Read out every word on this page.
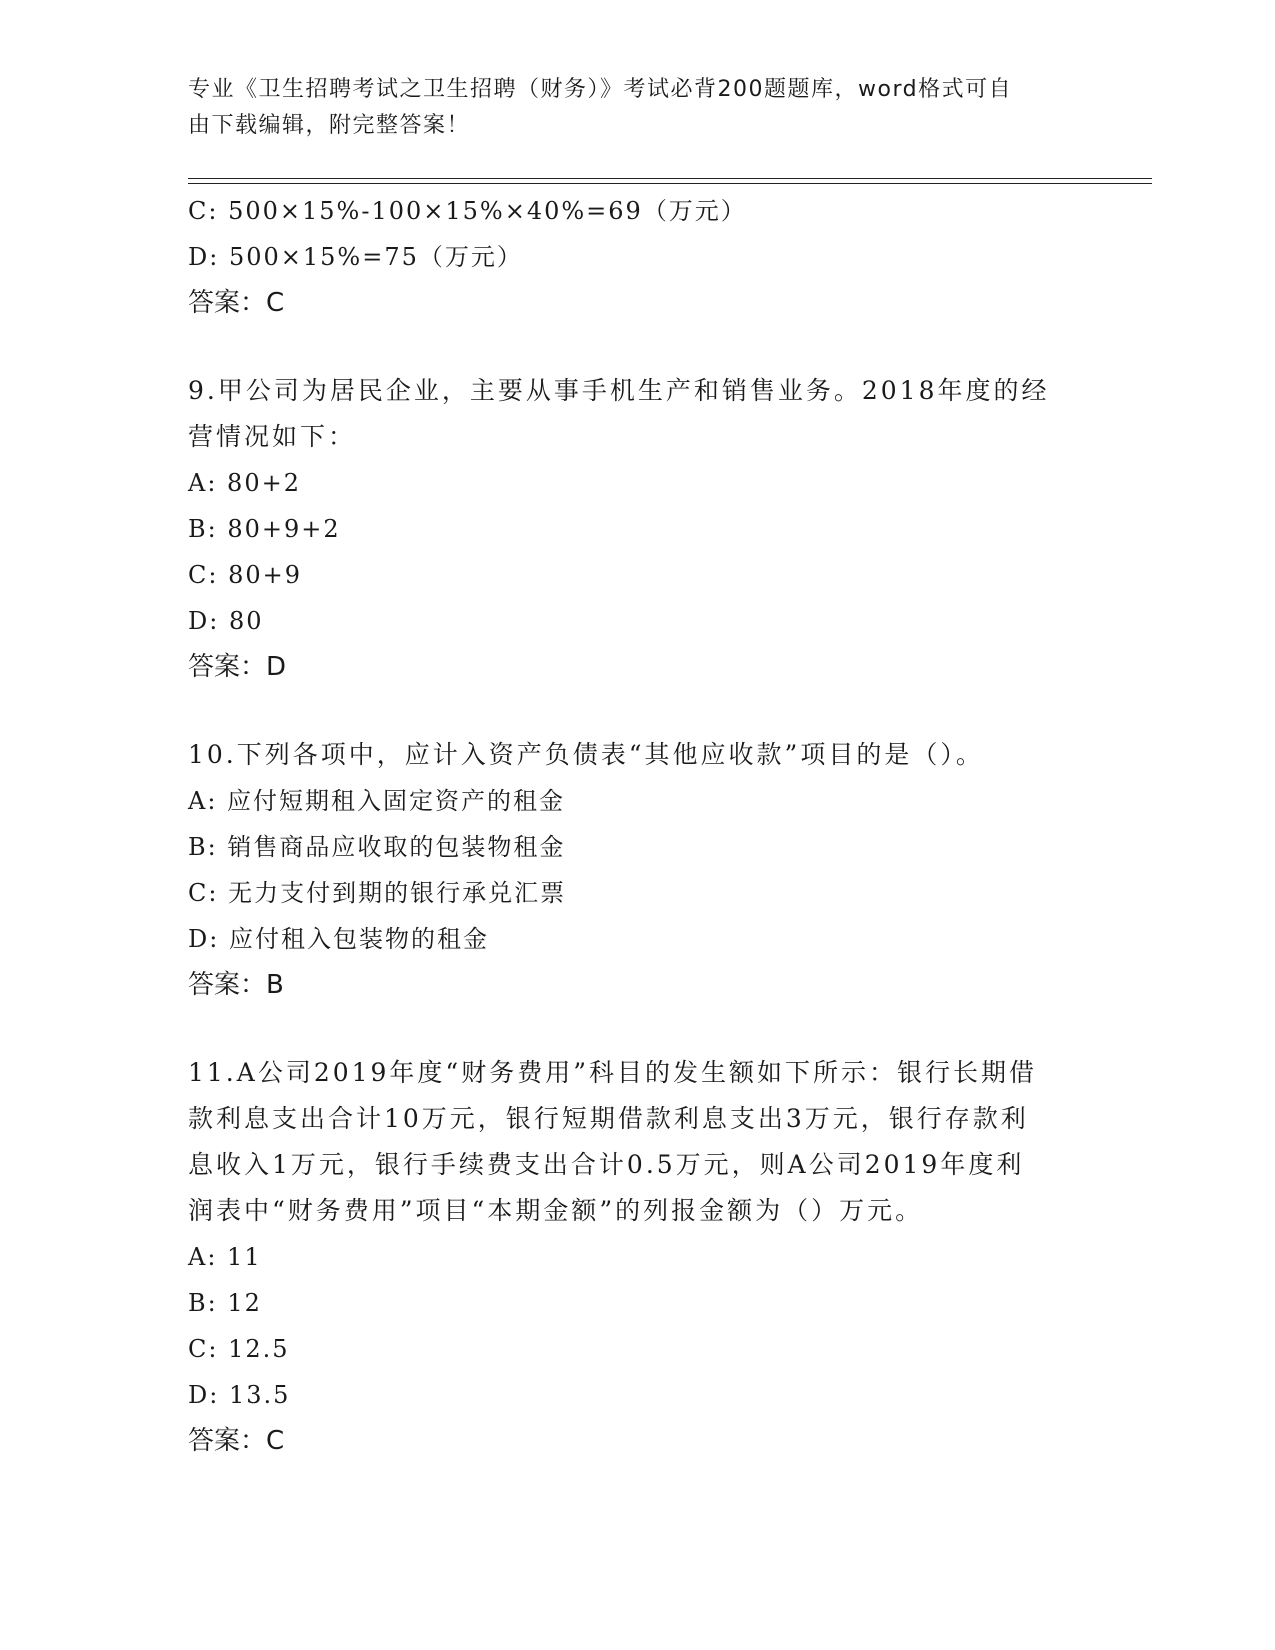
专业《卫生招聘考试之卫生招聘（财务）》考试必背200题题库，word格式可自
由下载编辑，附完整答案！

C: 500×15%-100×15%×40%=69（万元）

D: 500×15%=75（万元）

答案：C

9.甲公司为居民企业，主要从事手机生产和销售业务。2018年度的经
营情况如下：

A: 80+2

B: 80+9+2

C: 80+9

D: 80

答案：D

10.下列各项中，应计入资产负债表“其他应收款”项目的是（）。

A: 应付短期租入固定资产的租金

B: 销售商品应收取的包装物租金

C: 无力支付到期的银行承兑汇票

D: 应付租入包装物的租金

答案：B

11.A公司2019年度“财务费用”科目的发生额如下所示：银行长期借
款利息支出合计10万元，银行短期借款利息支出3万元，银行存款利
息收入1万元，银行手续费支出合计0.5万元，则A公司2019年度利
润表中“财务费用”项目“本期金额”的列报金额为（）万元。

A: 11

B: 12

C: 12.5

D: 13.5

答案：C
